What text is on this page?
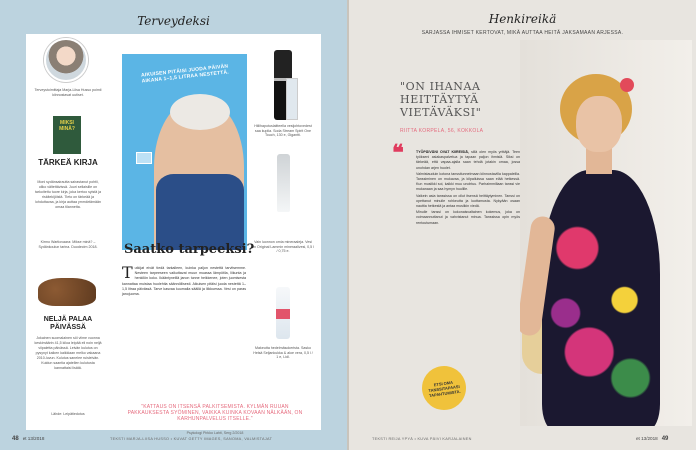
Terveydeksi
Terveystoimittaja Marja-Liisa Husso poimii kiinnostavat uutiset.
MIKSI MINÄ?
TÄRKEÄ KIRJA
Moni sydänsairautta sairastanut pohtii, oliko vältettävissä. Juuri sellaisille on tarkoitettu tuore kirja, joka kertoo syistä ja riskitekijöistä. Tieto on tärkeää ja lohduttavaa, ja kirja auttaa ymmärtämään omaa tilannetta.
Kirmo Wartiovaara: Mikse minä? – Sydänkoulun tarina. Duodecim 2018.
NELJÄ PALAA PÄIVÄSSÄ
Jokainen suomalainen söi viime vuonna keskimäärin 41,5 kiloa leipää eli noin neljä viipaletta päivässä. Leivän kulutus on pysynyt kaiken kaikkiaan melko vakaana 2010-luvun. Kulutus sanelee ruisleivän. Kuidun saantia ajatellen kulutusta kannattaisi lisätä.
Lähde: Leipätiedotus
AIKUISEN PITÄISI JUODA PÄIVÄN AIKANA 1–1,5 LITRAA NESTETTÄ.
Hiilihapotuslaitteella vesijohtovedest saa kuplia. Soda Stream Spirit One Touch, 130 e, Gigantti.
Vain luonnon omia mineraaleja. Vesi on Original Lammin mineraalivesi, 0,5 l / 0,75 e.
Makeutta hedelmäsokerista. Sasko Helsä Seljankukka & aloe vera, 0,5 l / 1 e, Lidl.
Saatko tarpeeksi?
Tutkijat eivät tiedä tarkalleen, kuinka paljon nestettä tarvitsemme. Nesteen tarpeeseen vaikuttavat muun muassa lämpötila, liikunta ja henkilön koko. Ikääntyneillä janon tunne heikkenee, joten juomisesta kannattaa muistaa huolehtia säännöllisesti. Aikuisen pitäisi juoda nestettä 1–1,5 litraa päivässä. Tarve kasvaa kuumalla säällä ja liikkuessa. Vesi on paras janojuoma.
"KATTAUS ON ITSENSÄ PALKITSEMISTA. KYLMÄN RUUAN PAKKAUKSESTA SYÖMINEN, VAIKKA KUINKA KOVAAN NÄLKÄÄN, ON KARHUNPALVELUS ITSELLE."
Psykologi Pirkko Lahti, Serg 2/2018
48 et 13/2018	TEKSTI MARJA-LIISA HUSSO • KUVAT GETTY IMAGES, SANOMA, VALMISTAJAT
Henkireikä
SARJASSA IHMISET KERTOVAT, MIKÄ AUTTAA HEITÄ JAKSAMAAN ARJESSA.
"ON IHANAA HEITTÄYTYÄ VIETÄVÄKSI"
RIITTA KORPELA, 56, KOKKOLA
❝	TYÖPÄIVÄNI OVAT KIIREISIÄ, sillä olen myös yrittäjä. Teen työkseni asiakaspalvelua ja tapaan paljon ihmisiä. Siksi on tärkeää, että vapaa-ajalla saan tehdä jotakin omaa, jossa unohdan arjen huolet.

Valmistauduin kotona tanssitunnelmaan kiinnostavilla kappaleilla. Tanssiminen on mukavaa, ja kilpailuissa saan elää hetkessä. Kun musiikki soi, kaikki muu unohtuu. Parhaimmillaan tanssi vie mukanaan ja saa hymyn huulille.

Vaikein asia tanssissa on ollut itsensä heittäytyminen. Tanssi on opettanut minulle rohkeutta ja luottamusta. Nykyään osaan nauttia hetkestä ja antaa musiikin viedä.

Minulle tanssi on kokonaisvaltainen kokemus, joka on voimaannuttanut ja vahvistanut minua. Tanssissa opin myös rentoutumaan.

ETSI OMA TANSSITAPAASI TAPAHTUMISTA.
TEKSTI REIJA YPYÄ • KUVA PÄIVI KARJALAINEN	et 13/2018 49
